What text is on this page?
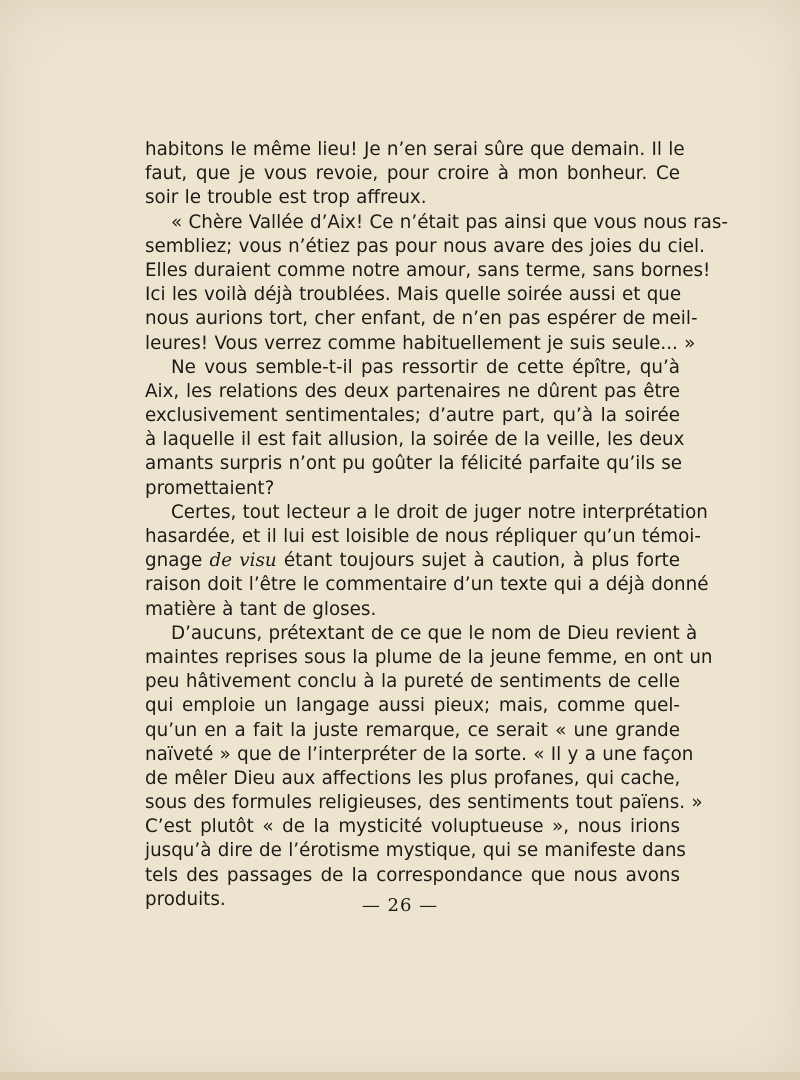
habitons le même lieu! Je n’en serai sûre que demain. Il le
faut, que je vous revoie, pour croire à mon bonheur. Ce
soir le trouble est trop affreux.
« Chère Vallée d’Aix! Ce n’était pas ainsi que vous nous ras-
sembliez; vous n’étiez pas pour nous avare des joies du ciel.
Elles duraient comme notre amour, sans terme, sans bornes!
Ici les voilà déjà troublées. Mais quelle soirée aussi et que
nous aurions tort, cher enfant, de n’en pas espérer de meil-
leures! Vous verrez comme habituellement je suis seule... »
Ne vous semble-t-il pas ressortir de cette épître, qu’à
Aix, les relations des deux partenaires ne dûrent pas être
exclusivement sentimentales; d’autre part, qu’à la soirée
à laquelle il est fait allusion, la soirée de la veille, les deux
amants surpris n’ont pu goûter la félicité parfaite qu’ils se
promettaient?
Certes, tout lecteur a le droit de juger notre interprétation
hasardée, et il lui est loisible de nous répliquer qu’un témoi-
gnage de visu étant toujours sujet à caution, à plus forte
raison doit l’être le commentaire d’un texte qui a déjà donné
matière à tant de gloses.
D’aucuns, prétextant de ce que le nom de Dieu revient à
maintes reprises sous la plume de la jeune femme, en ont un
peu hâtivement conclu à la pureté de sentiments de celle
qui emploie un langage aussi pieux; mais, comme quel-
qu’un en a fait la juste remarque, ce serait « une grande
naïveté » que de l’interpréter de la sorte. « Il y a une façon
de mêler Dieu aux affections les plus profanes, qui cache,
sous des formules religieuses, des sentiments tout païens. »
C’est plutôt « de la mysticité voluptueuse », nous irions
jusqu’à dire de l’érotisme mystique, qui se manifeste dans
tels des passages de la correspondance que nous avons
produits.	— 26 —
